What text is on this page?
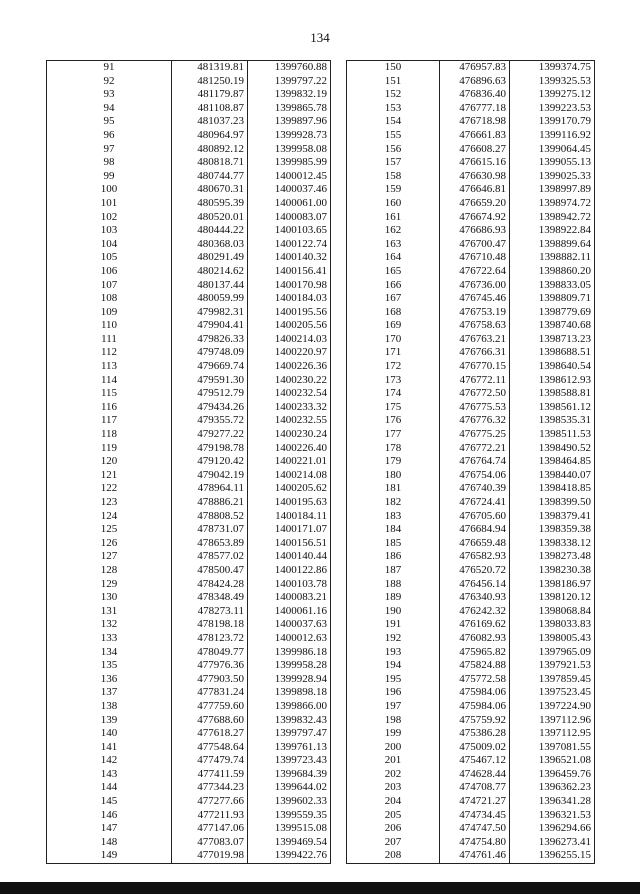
134
91	481319.81	1399760.88
92	481250.19	1399797.22
93	481179.87	1399832.19
94	481108.87	1399865.78
95	481037.23	1399897.96
96	480964.97	1399928.73
97	480892.12	1399958.08
98	480818.71	1399985.99
99	480744.77	1400012.45
100	480670.31	1400037.46
101	480595.39	1400061.00
102	480520.01	1400083.07
103	480444.22	1400103.65
104	480368.03	1400122.74
105	480291.49	1400140.32
106	480214.62	1400156.41
107	480137.44	1400170.98
108	480059.99	1400184.03
109	479982.31	1400195.56
110	479904.41	1400205.56
111	479826.33	1400214.03
112	479748.09	1400220.97
113	479669.74	1400226.36
114	479591.30	1400230.22
115	479512.79	1400232.54
116	479434.26	1400233.32
117	479355.72	1400232.55
118	479277.22	1400230.24
119	479198.78	1400226.40
120	479120.42	1400221.01
121	479042.19	1400214.08
122	478964.11	1400205.62
123	478886.21	1400195.63
124	478808.52	1400184.11
125	478731.07	1400171.07
126	478653.89	1400156.51
127	478577.02	1400140.44
128	478500.47	1400122.86
129	478424.28	1400103.78
130	478348.49	1400083.21
131	478273.11	1400061.16
132	478198.18	1400037.63
133	478123.72	1400012.63
134	478049.77	1399986.18
135	477976.36	1399958.28
136	477903.50	1399928.94
137	477831.24	1399898.18
138	477759.60	1399866.00
139	477688.60	1399832.43
140	477618.27	1399797.47
141	477548.64	1399761.13
142	477479.74	1399723.43
143	477411.59	1399684.39
144	477344.23	1399644.02
145	477277.66	1399602.33
146	477211.93	1399559.35
147	477147.06	1399515.08
148	477083.07	1399469.54
149	477019.98	1399422.76
150	476957.83	1399374.75
151	476896.63	1399325.53
152	476836.40	1399275.12
153	476777.18	1399223.53
154	476718.98	1399170.79
155	476661.83	1399116.92
156	476608.27	1399064.45
157	476615.16	1399055.13
158	476630.98	1399025.33
159	476646.81	1398997.89
160	476659.20	1398974.72
161	476674.92	1398942.72
162	476686.93	1398922.84
163	476700.47	1398899.64
164	476710.48	1398882.11
165	476722.64	1398860.20
166	476736.00	1398833.05
167	476745.46	1398809.71
168	476753.19	1398779.69
169	476758.63	1398740.68
170	476763.21	1398713.23
171	476766.31	1398688.51
172	476770.15	1398640.54
173	476772.11	1398612.93
174	476772.50	1398588.81
175	476775.53	1398561.12
176	476776.32	1398535.31
177	476775.25	1398511.53
178	476772.21	1398490.52
179	476764.74	1398464.85
180	476754.06	1398440.07
181	476740.39	1398418.85
182	476724.41	1398399.50
183	476705.60	1398379.41
184	476684.94	1398359.38
185	476659.48	1398338.12
186	476582.93	1398273.48
187	476520.72	1398230.38
188	476456.14	1398186.97
189	476340.93	1398120.12
190	476242.32	1398068.84
191	476169.62	1398033.83
192	476082.93	1398005.43
193	475965.82	1397965.09
194	475824.88	1397921.53
195	475772.58	1397859.45
196	475984.06	1397523.45
197	475984.06	1397224.90
198	475759.92	1397112.96
199	475386.28	1397112.95
200	475009.02	1397081.55
201	475467.12	1396521.08
202	474628.44	1396459.76
203	474708.77	1396362.23
204	474721.27	1396341.28
205	474734.45	1396321.53
206	474747.50	1396294.66
207	474754.80	1396273.41
208	474761.46	1396255.15
